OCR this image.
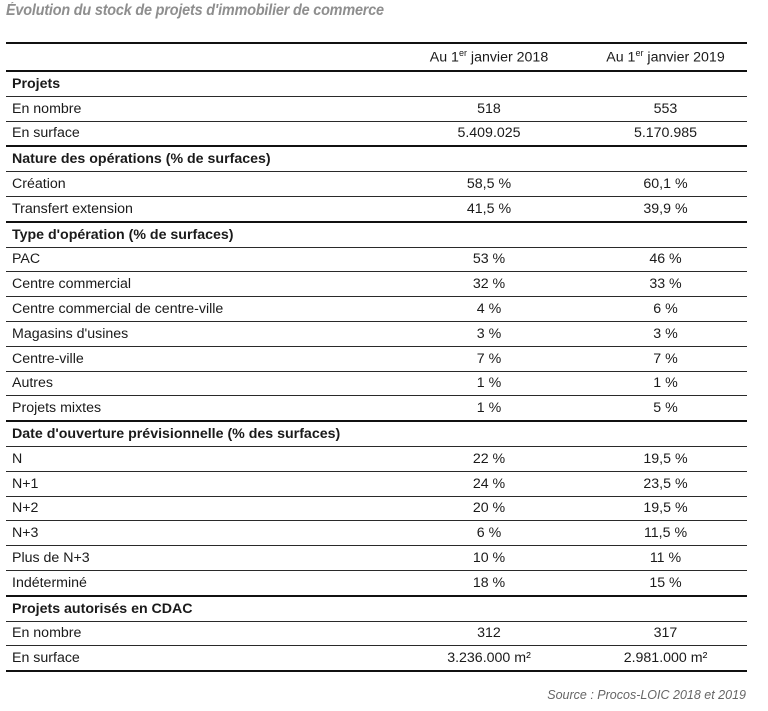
Évolution du stock de projets d'immobilier de commerce
	Au 1er janvier 2018	Au 1er janvier 2019
Projets		
En nombre	518	553
En surface	5.409.025	5.170.985
Nature des opérations (% de surfaces)		
Création	58,5 %	60,1 %
Transfert extension	41,5 %	39,9 %
Type d'opération (% de surfaces)		
PAC	53 %	46 %
Centre commercial	32 %	33 %
Centre commercial de centre-ville	4 %	6 %
Magasins d'usines	3 %	3 %
Centre-ville	7 %	7 %
Autres	1 %	1 %
Projets mixtes	1 %	5 %
Date d'ouverture prévisionnelle (% des surfaces)		
N	22 %	19,5 %
N+1	24 %	23,5 %
N+2	20 %	19,5 %
N+3	6 %	11,5 %
Plus de N+3	10 %	11 %
Indéterminé	18 %	15 %
Projets autorisés en CDAC		
En nombre	312	317
En surface	3.236.000 m²	2.981.000 m²
Source : Procos-LOIC 2018 et 2019
